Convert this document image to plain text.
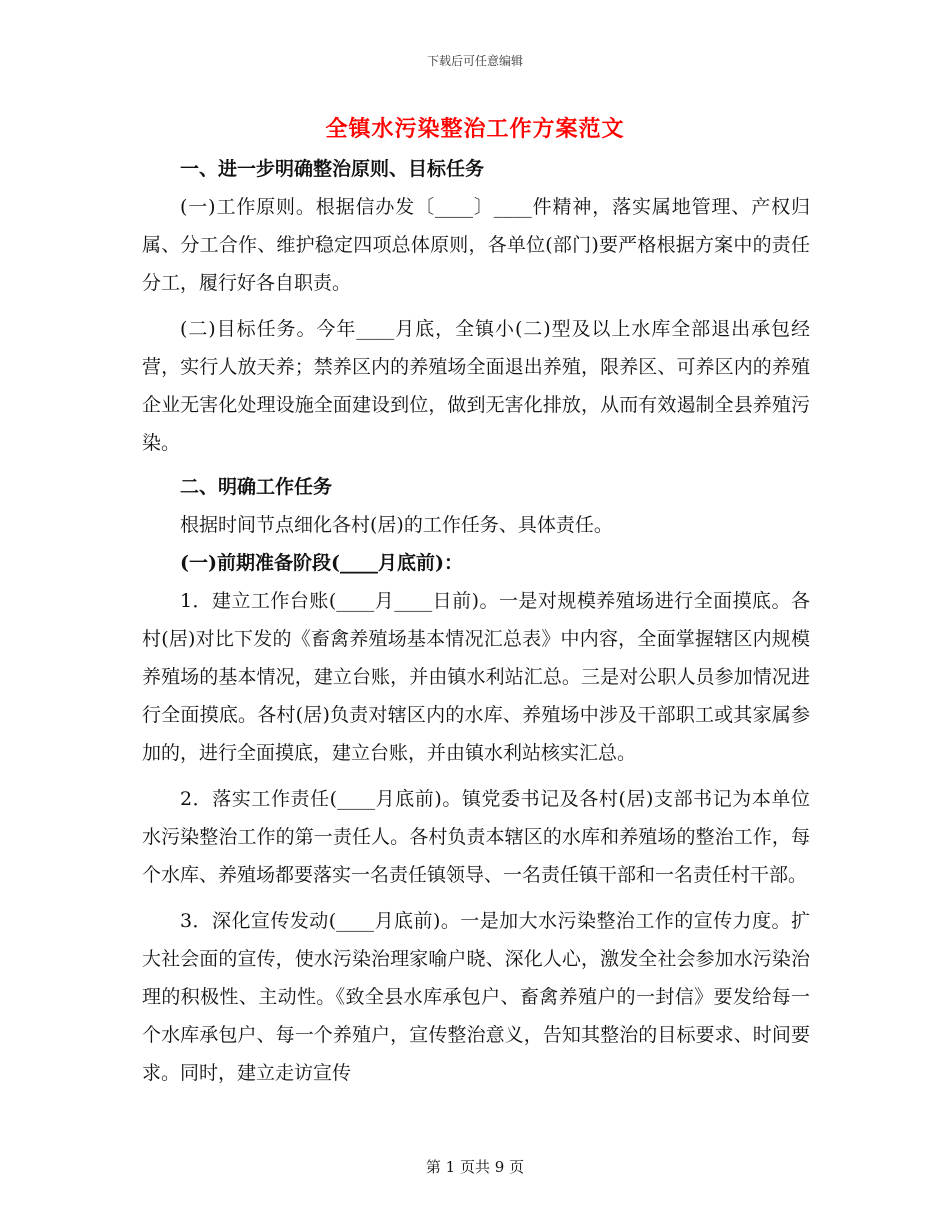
下载后可任意编辑
全镇水污染整治工作方案范文

一、进一步明确整治原则、目标任务

(一)工作原则。根据信办发〔____〕____件精神，落实属地管理、产权归属、分工合作、维护稳定四项总体原则，各单位(部门)要严格根据方案中的责任分工，履行好各自职责。

(二)目标任务。今年____月底，全镇小(二)型及以上水库全部退出承包经营，实行人放天养；禁养区内的养殖场全面退出养殖，限养区、可养区内的养殖企业无害化处理设施全面建设到位，做到无害化排放，从而有效遏制全县养殖污染。

二、明确工作任务

根据时间节点细化各村(居)的工作任务、具体责任。

(一)前期准备阶段(____月底前)：

1．建立工作台账(____月____日前)。一是对规模养殖场进行全面摸底。各村(居)对比下发的《畜禽养殖场基本情况汇总表》中内容，全面掌握辖区内规模养殖场的基本情况，建立台账，并由镇水利站汇总。三是对公职人员参加情况进行全面摸底。各村(居)负责对辖区内的水库、养殖场中涉及干部职工或其家属参加的，进行全面摸底，建立台账，并由镇水利站核实汇总。

2．落实工作责任(____月底前)。镇党委书记及各村(居)支部书记为本单位水污染整治工作的第一责任人。各村负责本辖区的水库和养殖场的整治工作，每个水库、养殖场都要落实一名责任镇领导、一名责任镇干部和一名责任村干部。

3．深化宣传发动(____月底前)。一是加大水污染整治工作的宣传力度。扩大社会面的宣传，使水污染治理家喻户晓、深化人心，激发全社会参加水污染治理的积极性、主动性。《致全县水库承包户、畜禽养殖户的一封信》要发给每一个水库承包户、每一个养殖户，宣传整治意义，告知其整治的目标要求、时间要求。同时，建立走访宣传

第 1 页共 9 页
